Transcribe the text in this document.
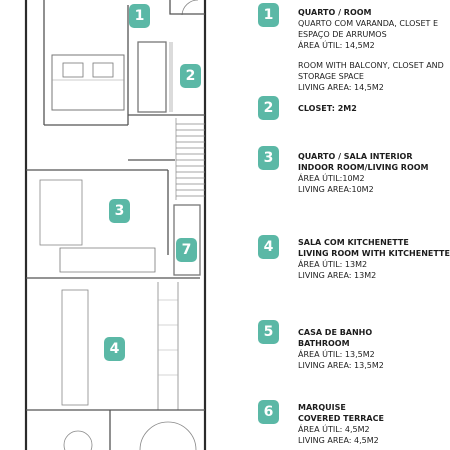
1
2
3
7
4
1	QUARTO / ROOM
QUARTO COM VARANDA, CLOSET E ESPAÇO DE ARRUMOS
ÁREA ÚTIL: 14,5M2
ROOM WITH BALCONY, CLOSET AND STORAGE SPACE
LIVING AREA: 14,5M2
2	CLOSET: 2M2
3	QUARTO / SALA INTERIOR
INDOOR ROOM/LIVING ROOM
ÁREA ÚTIL:10M2
LIVING AREA:10M2
4	SALA COM KITCHENETTE
LIVING ROOM WITH KITCHENETTE
ÁREA ÚTIL: 13M2
LIVING AREA: 13M2
5	CASA DE BANHO
BATHROOM
ÁREA ÚTIL: 13,5M2
LIVING AREA: 13,5M2
6	MARQUISE
COVERED TERRACE
ÁREA ÚTIL: 4,5M2
LIVING AREA: 4,5M2
